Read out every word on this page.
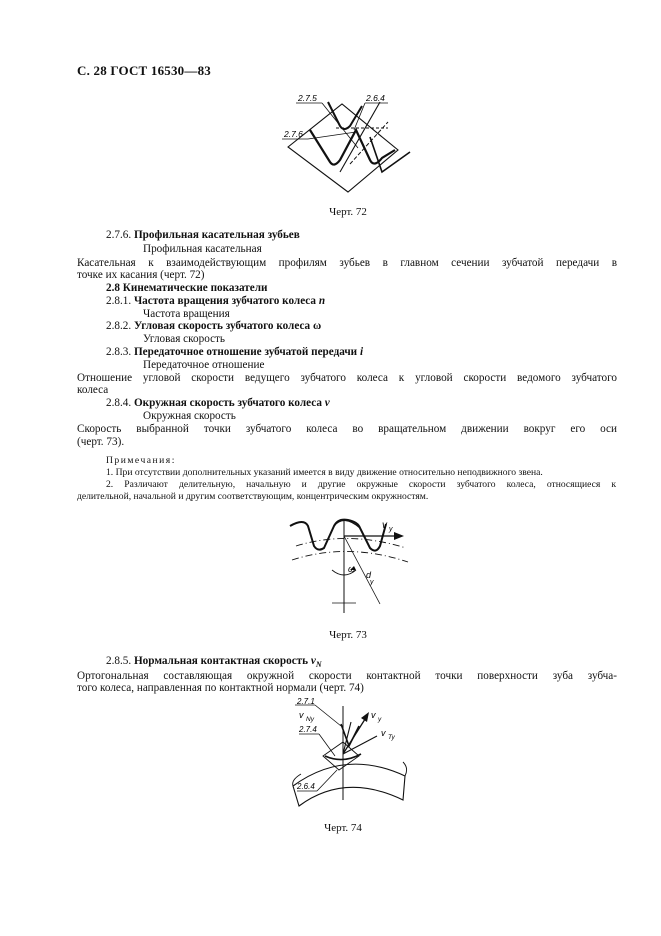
С. 28 ГОСТ 16530—83
2.7.5	2.6.4
2.7.6
Черт. 72
2.7.6. Профильная касательная зубьев
Профильная касательная
Касательная к взаимодействующим профилям зубьев в главном сечении зубчатой передачи в
точке их касания (черт. 72)
2.8 Кинематические показатели
2.8.1. Частота вращения зубчатого колеса n
Частота вращения
2.8.2. Угловая скорость зубчатого колеса ω
Угловая скорость
2.8.3. Передаточное отношение зубчатой передачи i
Передаточное отношение
Отношение угловой скорости ведущего зубчатого колеса к угловой скорости ведомого зубчатого
колеса
2.8.4. Окружная скорость зубчатого колеса v
Окружная скорость
Скорость выбранной точки зубчатого колеса во вращательном движении вокруг его оси
(черт. 73).
Примечания:
1. При отсутствии дополнительных указаний имеется в виду движение относительно неподвижного звена.
2. Различают делительную, начальную и другие окружные скорости зубчатого колеса, относящиеся к
делительной, начальной и другим соответствующим, концентрическим окружностям.
v y
ω
d
y
Черт. 73
2.8.5. Нормальная контактная скорость $v_N$
Ортогональная составляющая окружной скорости контактной точки поверхности зуба зубча-
того колеса, направленная по контактной нормали (черт. 74)
2.7.1
v Ny	v y
2.7.4	v Ty
2.6.4
Черт. 74
